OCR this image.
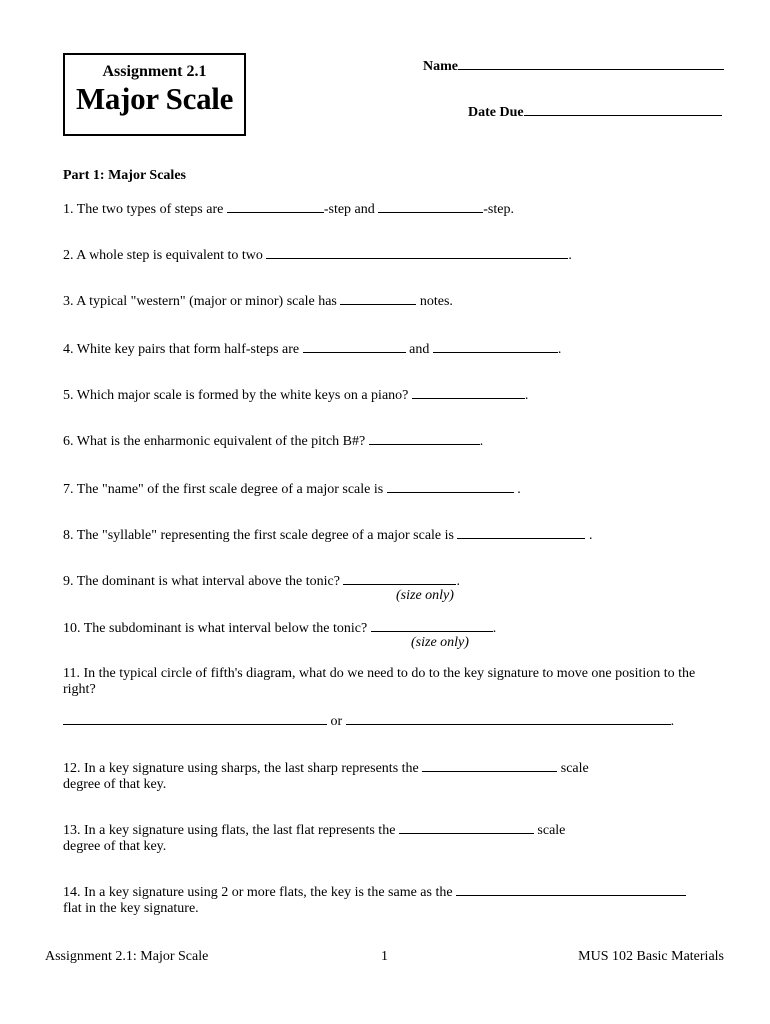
Assignment 2.1
Major Scale
Name
Date Due
Part 1: Major Scales
1. The two types of steps are	-step and	-step.
2. A whole step is equivalent to two	.
3. A typical "western" (major or minor) scale has	notes.
4. White key pairs that form half-steps are	and	.
5. Which major scale is formed by the white keys on a piano?	.
6. What is the enharmonic equivalent of the pitch B#?	.
7. The "name" of the first scale degree of a major scale is	.
8. The "syllable" representing the first scale degree of a major scale is	.
9. The dominant is what interval above the tonic?	.
(size only)
10. The subdominant is what interval below the tonic?	.
(size only)
11. In the typical circle of fifth's diagram, what do we need to do to the key signature to move one position to the right?
or	.
12. In a key signature using sharps, the last sharp represents the	scale
degree of that key.
13. In a key signature using flats, the last flat represents the	scale
degree of that key.
14. In a key signature using 2 or more flats, the key is the same as the
flat in the key signature.
Assignment 2.1: Major Scale	1	MUS 102 Basic Materials
